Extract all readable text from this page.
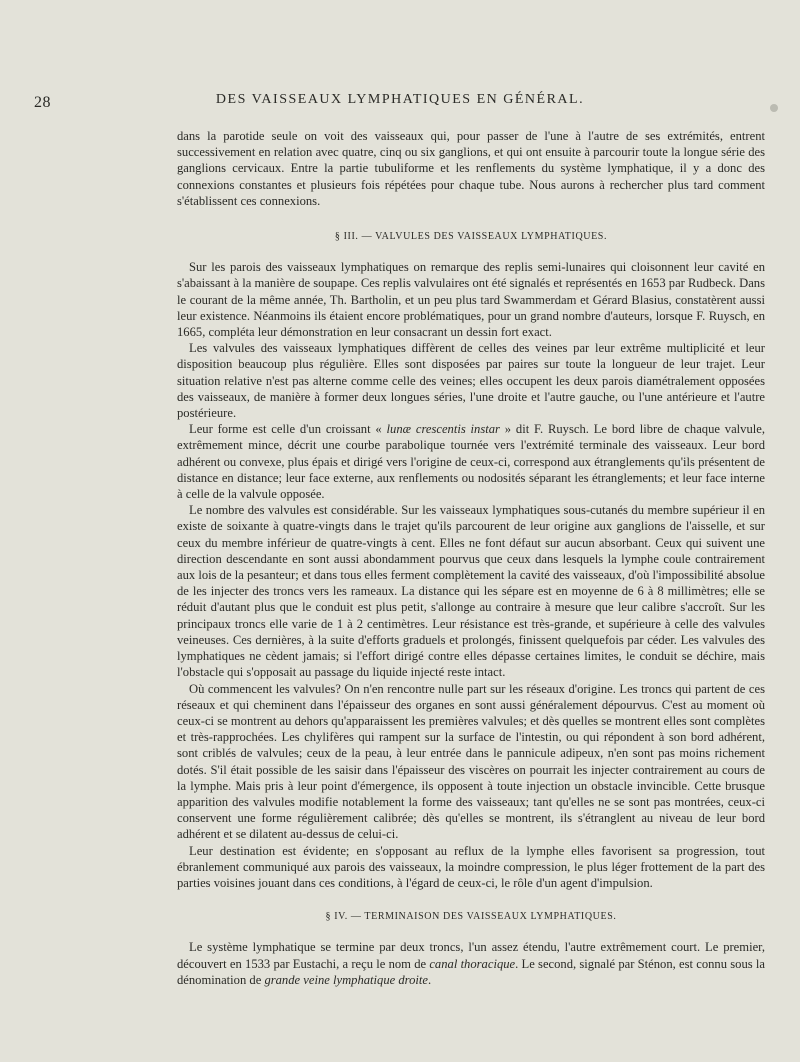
28	DES VAISSEAUX LYMPHATIQUES EN GÉNÉRAL.

dans la parotide seule on voit des vaisseaux qui, pour passer de l'une à l'autre de ses extrémités, entrent successivement en relation avec quatre, cinq ou six ganglions, et qui ont ensuite à parcourir toute la longue série des ganglions cervicaux. Entre la partie tubuliforme et les renflements du système lymphatique, il y a donc des connexions constantes et plusieurs fois répétées pour chaque tube. Nous aurons à rechercher plus tard comment s'établissent ces connexions.

§ III. — VALVULES DES VAISSEAUX LYMPHATIQUES.

Sur les parois des vaisseaux lymphatiques on remarque des replis semi-lunaires qui cloisonnent leur cavité en s'abaissant à la manière de soupape. Ces replis valvulaires ont été signalés et représentés en 1653 par Rudbeck. Dans le courant de la même année, Th. Bartholin, et un peu plus tard Swammerdam et Gérard Blasius, constatèrent aussi leur existence. Néanmoins ils étaient encore problématiques, pour un grand nombre d'auteurs, lorsque F. Ruysch, en 1665, compléta leur démonstration en leur consacrant un dessin fort exact.

Les valvules des vaisseaux lymphatiques diffèrent de celles des veines par leur extrême multiplicité et leur disposition beaucoup plus régulière. Elles sont disposées par paires sur toute la longueur de leur trajet. Leur situation relative n'est pas alterne comme celle des veines; elles occupent les deux parois diamétralement opposées des vaisseaux, de manière à former deux longues séries, l'une droite et l'autre gauche, ou l'une antérieure et l'autre postérieure.

Leur forme est celle d'un croissant « lunæ crescentis instar » dit F. Ruysch. Le bord libre de chaque valvule, extrêmement mince, décrit une courbe parabolique tournée vers l'extrémité terminale des vaisseaux. Leur bord adhérent ou convexe, plus épais et dirigé vers l'origine de ceux-ci, correspond aux étranglements qu'ils présentent de distance en distance; leur face externe, aux renflements ou nodosités séparant les étranglements; et leur face interne à celle de la valvule opposée.

Le nombre des valvules est considérable. Sur les vaisseaux lymphatiques sous-cutanés du membre supérieur il en existe de soixante à quatre-vingts dans le trajet qu'ils parcourent de leur origine aux ganglions de l'aisselle, et sur ceux du membre inférieur de quatre-vingts à cent. Elles ne font défaut sur aucun absorbant. Ceux qui suivent une direction descendante en sont aussi abondamment pourvus que ceux dans lesquels la lymphe coule contrairement aux lois de la pesanteur; et dans tous elles ferment complètement la cavité des vaisseaux, d'où l'impossibilité absolue de les injecter des troncs vers les rameaux. La distance qui les sépare est en moyenne de 6 à 8 millimètres; elle se réduit d'autant plus que le conduit est plus petit, s'allonge au contraire à mesure que leur calibre s'accroît. Sur les principaux troncs elle varie de 1 à 2 centimètres. Leur résistance est très-grande, et supérieure à celle des valvules veineuses. Ces dernières, à la suite d'efforts graduels et prolongés, finissent quelquefois par céder. Les valvules des lymphatiques ne cèdent jamais; si l'effort dirigé contre elles dépasse certaines limites, le conduit se déchire, mais l'obstacle qui s'opposait au passage du liquide injecté reste intact.

Où commencent les valvules? On n'en rencontre nulle part sur les réseaux d'origine. Les troncs qui partent de ces réseaux et qui cheminent dans l'épaisseur des organes en sont aussi généralement dépourvus. C'est au moment où ceux-ci se montrent au dehors qu'apparaissent les premières valvules; et dès quelles se montrent elles sont complètes et très-rapprochées. Les chylifères qui rampent sur la surface de l'intestin, ou qui répondent à son bord adhérent, sont criblés de valvules; ceux de la peau, à leur entrée dans le pannicule adipeux, n'en sont pas moins richement dotés. S'il était possible de les saisir dans l'épaisseur des viscères on pourrait les injecter contrairement au cours de la lymphe. Mais pris à leur point d'émergence, ils opposent à toute injection un obstacle invincible. Cette brusque apparition des valvules modifie notablement la forme des vaisseaux; tant qu'elles ne se sont pas montrées, ceux-ci conservent une forme régulièrement calibrée; dès qu'elles se montrent, ils s'étranglent au niveau de leur bord adhérent et se dilatent au-dessus de celui-ci.

Leur destination est évidente; en s'opposant au reflux de la lymphe elles favorisent sa progression, tout ébranlement communiqué aux parois des vaisseaux, la moindre compression, le plus léger frottement de la part des parties voisines jouant dans ces conditions, à l'égard de ceux-ci, le rôle d'un agent d'impulsion.

§ IV. — TERMINAISON DES VAISSEAUX LYMPHATIQUES.

Le système lymphatique se termine par deux troncs, l'un assez étendu, l'autre extrêmement court. Le premier, découvert en 1533 par Eustachi, a reçu le nom de canal thoracique. Le second, signalé par Sténon, est connu sous la dénomination de grande veine lymphatique droite.
